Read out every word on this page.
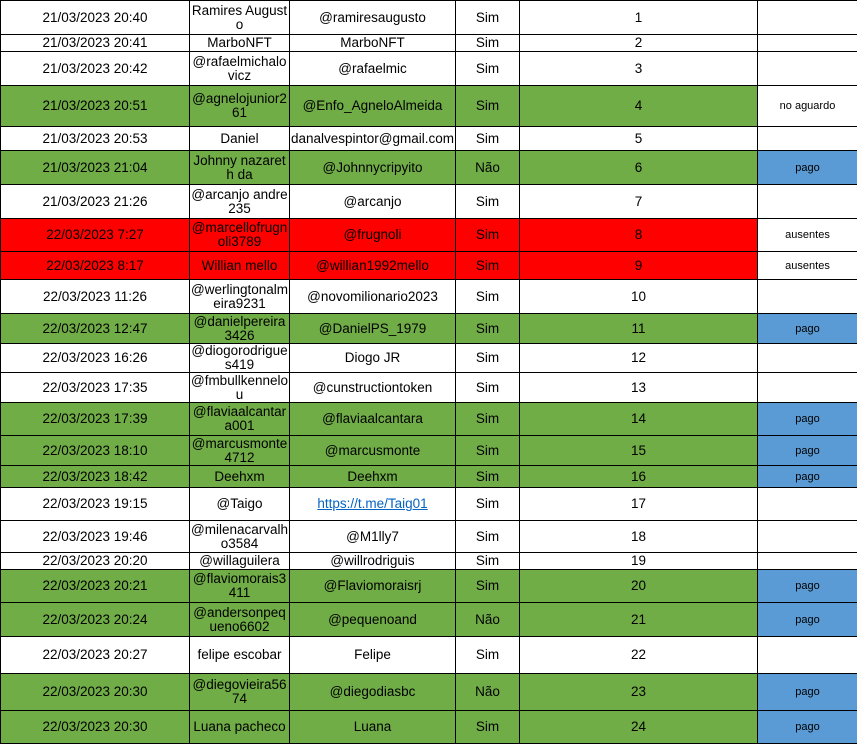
21/03/2023 20:40	Ramires Augusto	@ramiresaugusto	Sim	1	

21/03/2023 20:41	MarboNFT	MarboNFT	Sim	2	

21/03/2023 20:42	@rafaelmichalovicz	@rafaelmic	Sim	3	

21/03/2023 20:51	@agnelojunior261	@Enfo_AgneloAlmeida	Sim	4	no aguardo

21/03/2023 20:53	Daniel	danalvespintor@gmail.com	Sim	5	

21/03/2023 21:04	Johnny nazareth da	@Johnnycripyito	Não	6	pago

21/03/2023 21:26	@arcanjo andre235	@arcanjo	Sim	7	

22/03/2023 7:27	@marcellofrugnoli3789	@frugnoli	Sim	8	ausentes

22/03/2023 8:17	Willian mello	@willian1992mello	Sim	9	ausentes

22/03/2023 11:26	@werlingtonalmeira9231	@novomilionario2023	Sim	10	

22/03/2023 12:47	@danielpereira3426	@DanielPS_1979	Sim	11	pago

22/03/2023 16:26	@diogorodrigues419	Diogo JR	Sim	12	

22/03/2023 17:35	@fmbullkennelou	@cunstructiontoken	Sim	13	

22/03/2023 17:39	@flaviaalcantara001	@flaviaalcantara	Sim	14	pago

22/03/2023 18:10	@marcusmonte4712	@marcusmonte	Sim	15	pago

22/03/2023 18:42	Deehxm	Deehxm	Sim	16	pago

22/03/2023 19:15	@Taigo	https://t.me/Taig01	Sim	17	

22/03/2023 19:46	@milenacarvalho3584	@M1lly7	Sim	18	

22/03/2023 20:20	@willaguilera	@willrodriguis	Sim	19	

22/03/2023 20:21	@flaviomorais3411	@Flaviomoraisrj	Sim	20	pago

22/03/2023 20:24	@andersonpequeno6602	@pequenoand	Não	21	pago

22/03/2023 20:27	felipe escobar	Felipe	Sim	22	

22/03/2023 20:30	@diegovieira5674	@diegodiasbc	Não	23	pago

22/03/2023 20:30	Luana pacheco	Luana	Sim	24	pago
